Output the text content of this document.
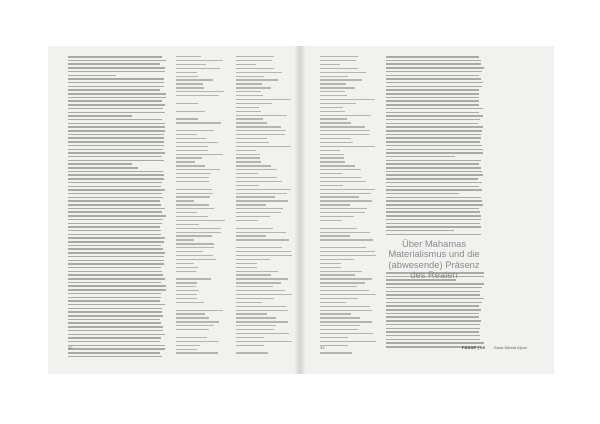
Über Mahamas Materialismus und die (abwesende) Präsenz des Realen
32	33	PASSE | 09 Rasa Ditreta Aijum
